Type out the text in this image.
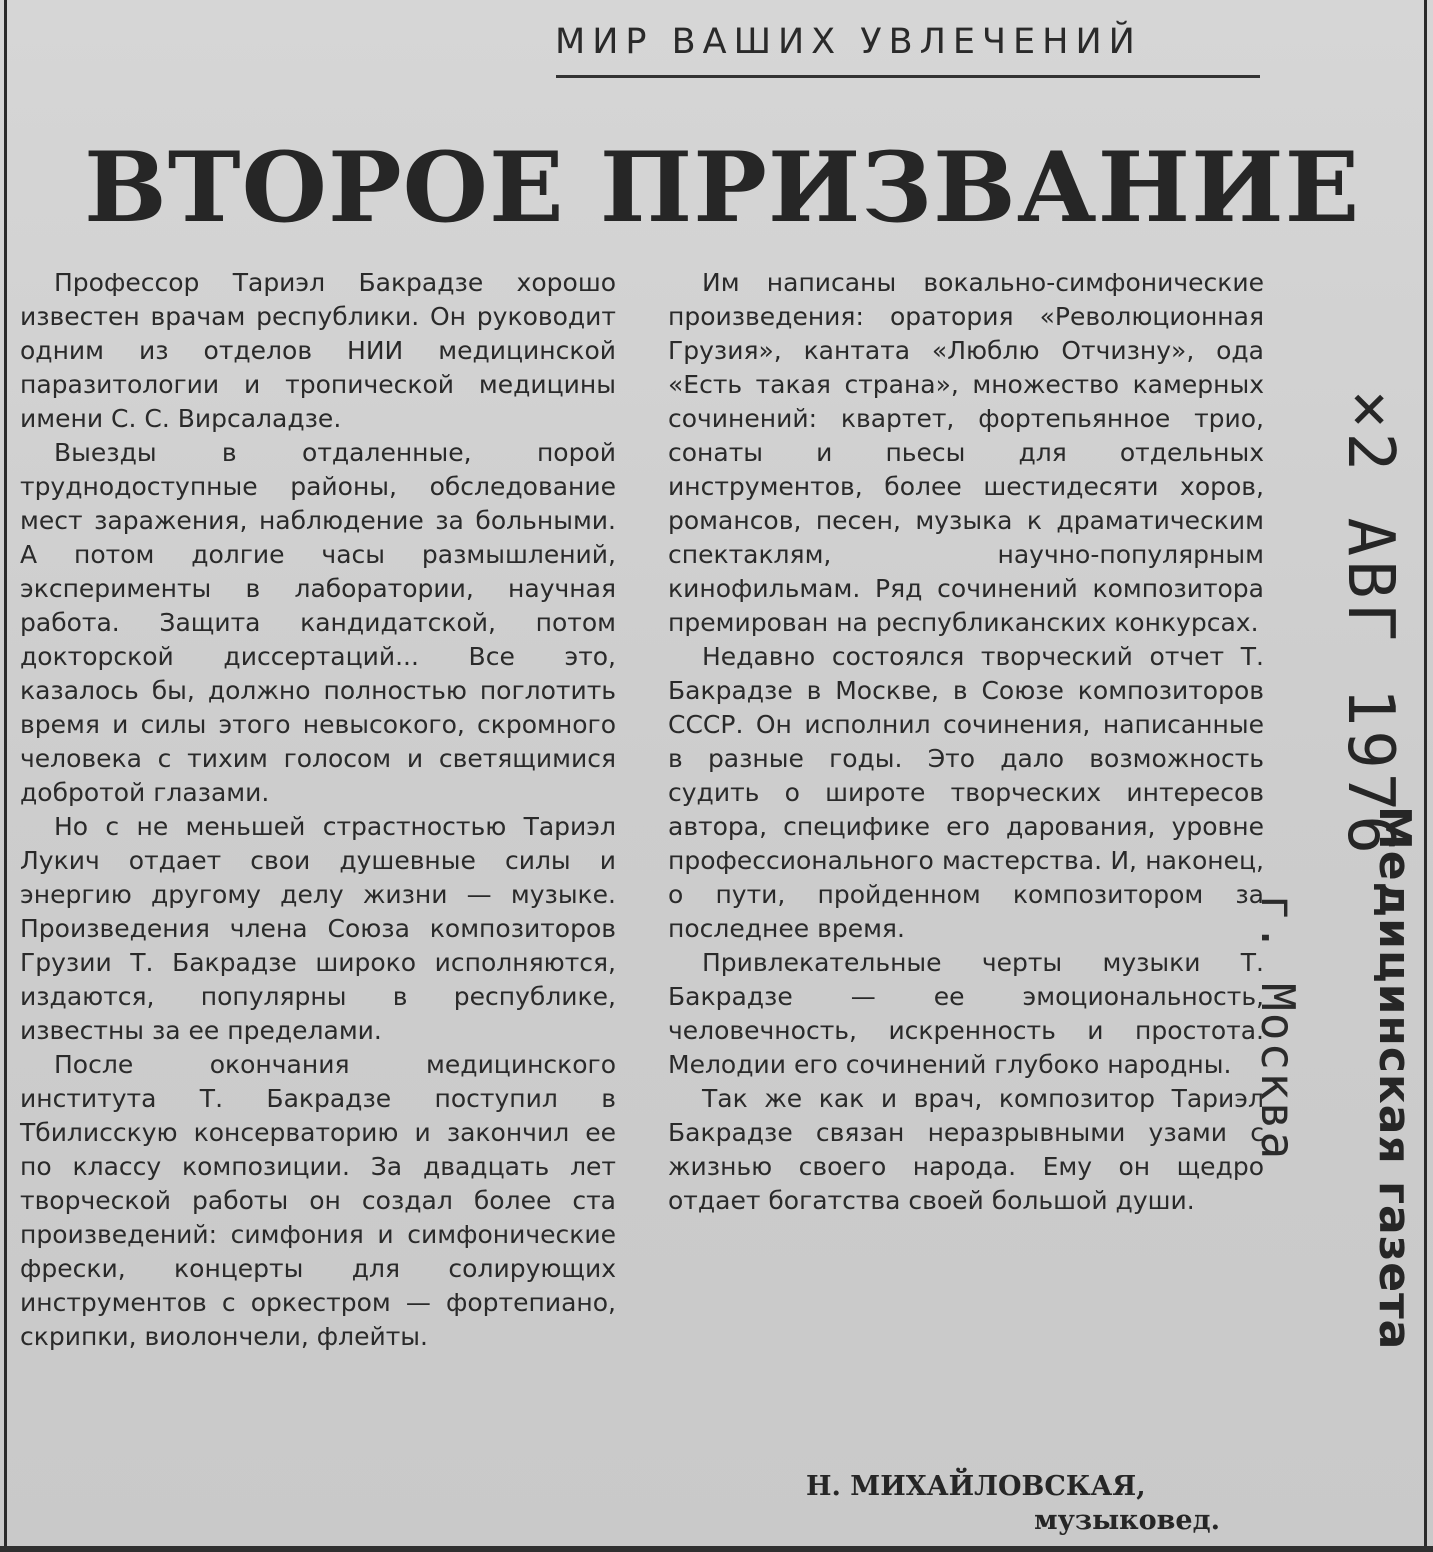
МИР ВАШИХ УВЛЕЧЕНИЙ
ВТОРОЕ ПРИЗВАНИЕ

Профессор Тариэл Бакрадзе хорошо известен врачам республики. Он руководит одним из отделов НИИ медицинской паразитологии и тропической медицины имени С. С. Вирсаладзе.

Выезды в отдаленные, порой труднодоступные районы, обследование мест заражения, наблюдение за больными. А потом долгие часы размышлений, эксперименты в лаборатории, научная работа. Защита кандидатской, потом докторской диссертаций... Все это, казалось бы, должно полностью поглотить время и силы этого невысокого, скромного человека с тихим голосом и светящимися добротой глазами.

Но с не меньшей страстностью Тариэл Лукич отдает свои душевные силы и энергию другому делу жизни — музыке. Произведения члена Союза композиторов Грузии Т. Бакрадзе широко исполняются, издаются, популярны в республике, известны за ее пределами.

После окончания медицинского института Т. Бакрадзе поступил в Тбилисскую консерваторию и закончил ее по классу композиции. За двадцать лет творческой работы он создал более ста произведений: симфония и симфонические фрески, концерты для солирующих инструментов с оркестром — фортепиано, скрипки, виолончели, флейты.

Им написаны вокально-симфонические произведения: оратория «Революционная Грузия», кантата «Люблю Отчизну», ода «Есть такая страна», множество камерных сочинений: квартет, фортепьянное трио, сонаты и пьесы для отдельных инструментов, более шестидесяти хоров, романсов, песен, музыка к драматическим спектаклям, научно-популярным кинофильмам. Ряд сочинений композитора премирован на республиканских конкурсах.

Недавно состоялся творческий отчет Т. Бакрадзе в Москве, в Союзе композиторов СССР. Он исполнил сочинения, написанные в разные годы. Это дало возможность судить о широте творческих интересов автора, специфике его дарования, уровне профессионального мастерства. И, наконец, о пути, пройденном композитором за последнее время.

Привлекательные черты музыки Т. Бакрадзе — ее эмоциональность, человечность, искренность и простота. Мелодии его сочинений глубоко народны.

Так же как и врач, композитор Тариэл Бакрадзе связан неразрывными узами с жизнью своего народа. Ему он щедро отдает богатства своей большой души.

Н. МИХАЙЛОВСКАЯ,
музыковед.
×2 АВГ 1976
Медицинская газета
г. Москва
